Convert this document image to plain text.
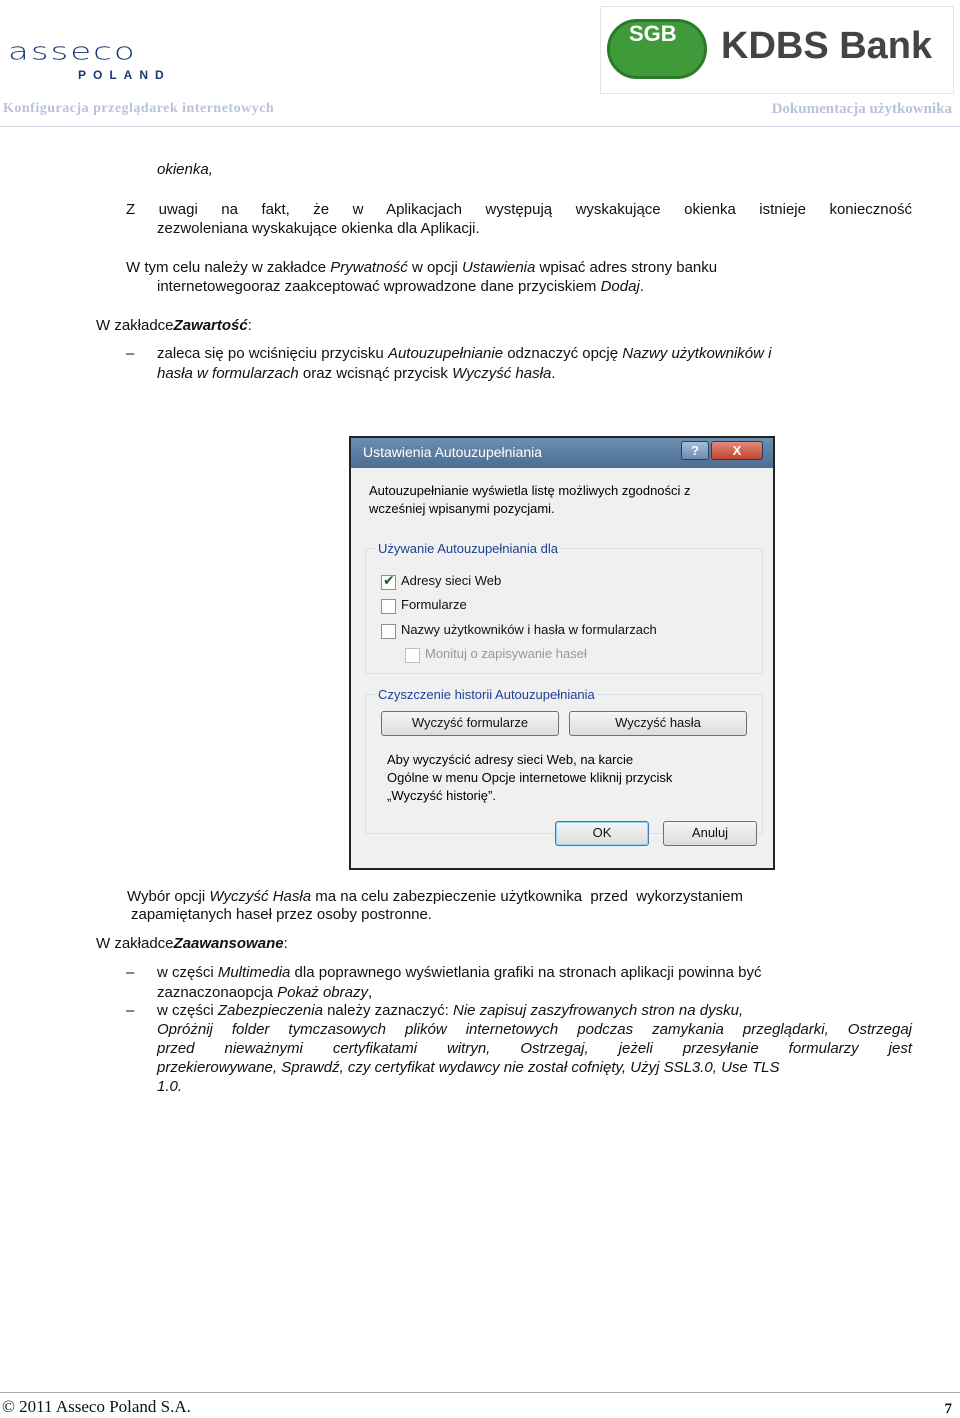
asseco
POLAND
SGB KDBS Bank
Konfiguracja przeglądarek internetowych	Dokumentacja użytkownika
okienka,
Z uwagi na fakt, że w Aplikacjach występują wyskakujące okienka istnieje konieczność
zezwoleniana wyskakujące okienka dla Aplikacji.
W tym celu należy w zakładce Prywatność w opcji Ustawienia wpisać adres strony banku
internetowegooraz zaakceptować wprowadzone dane przyciskiem Dodaj.
W zakładceZawartość:
– zaleca się po wciśnięciu przycisku Autouzupełnianie odznaczyć opcję Nazwy użytkowników i
hasła w formularzach oraz wcisnąć przycisk Wyczyść hasła.
Ustawienia Autouzupełniania	?	X
Autouzupełnianie wyświetla listę możliwych zgodności z
wcześniej wpisanymi pozycjami.
Używanie Autouzupełniania dla
✔ Adresy sieci Web
Formularze
Nazwy użytkowników i hasła w formularzach
Monituj o zapisywanie haseł
Czyszczenie historii Autouzupełniania
Wyczyść formularze	Wyczyść hasła
Aby wyczyścić adresy sieci Web, na karcie
Ogólne w menu Opcje internetowe kliknij przycisk
„Wyczyść historię”.
OK	Anuluj
Wybór opcji Wyczyść Hasła ma na celu zabezpieczenie użytkownika  przed  wykorzystaniem
zapamiętanych haseł przez osoby postronne.
W zakładceZaawansowane:
– w części Multimedia dla poprawnego wyświetlania grafiki na stronach aplikacji powinna być
zaznaczonaopcja Pokaż obrazy,
– w części Zabezpieczenia należy zaznaczyć: Nie zapisuj zaszyfrowanych stron na dysku,
Opróżnij folder tymczasowych plików internetowych podczas zamykania przeglądarki, Ostrzegaj
przed nieważnymi certyfikatami witryn, Ostrzegaj, jeżeli przesyłanie formularzy jest
przekierowywane, Sprawdź, czy certyfikat wydawcy nie został cofnięty, Użyj SSL3.0, Use TLS
1.0.
© 2011 Asseco Poland S.A.	7
